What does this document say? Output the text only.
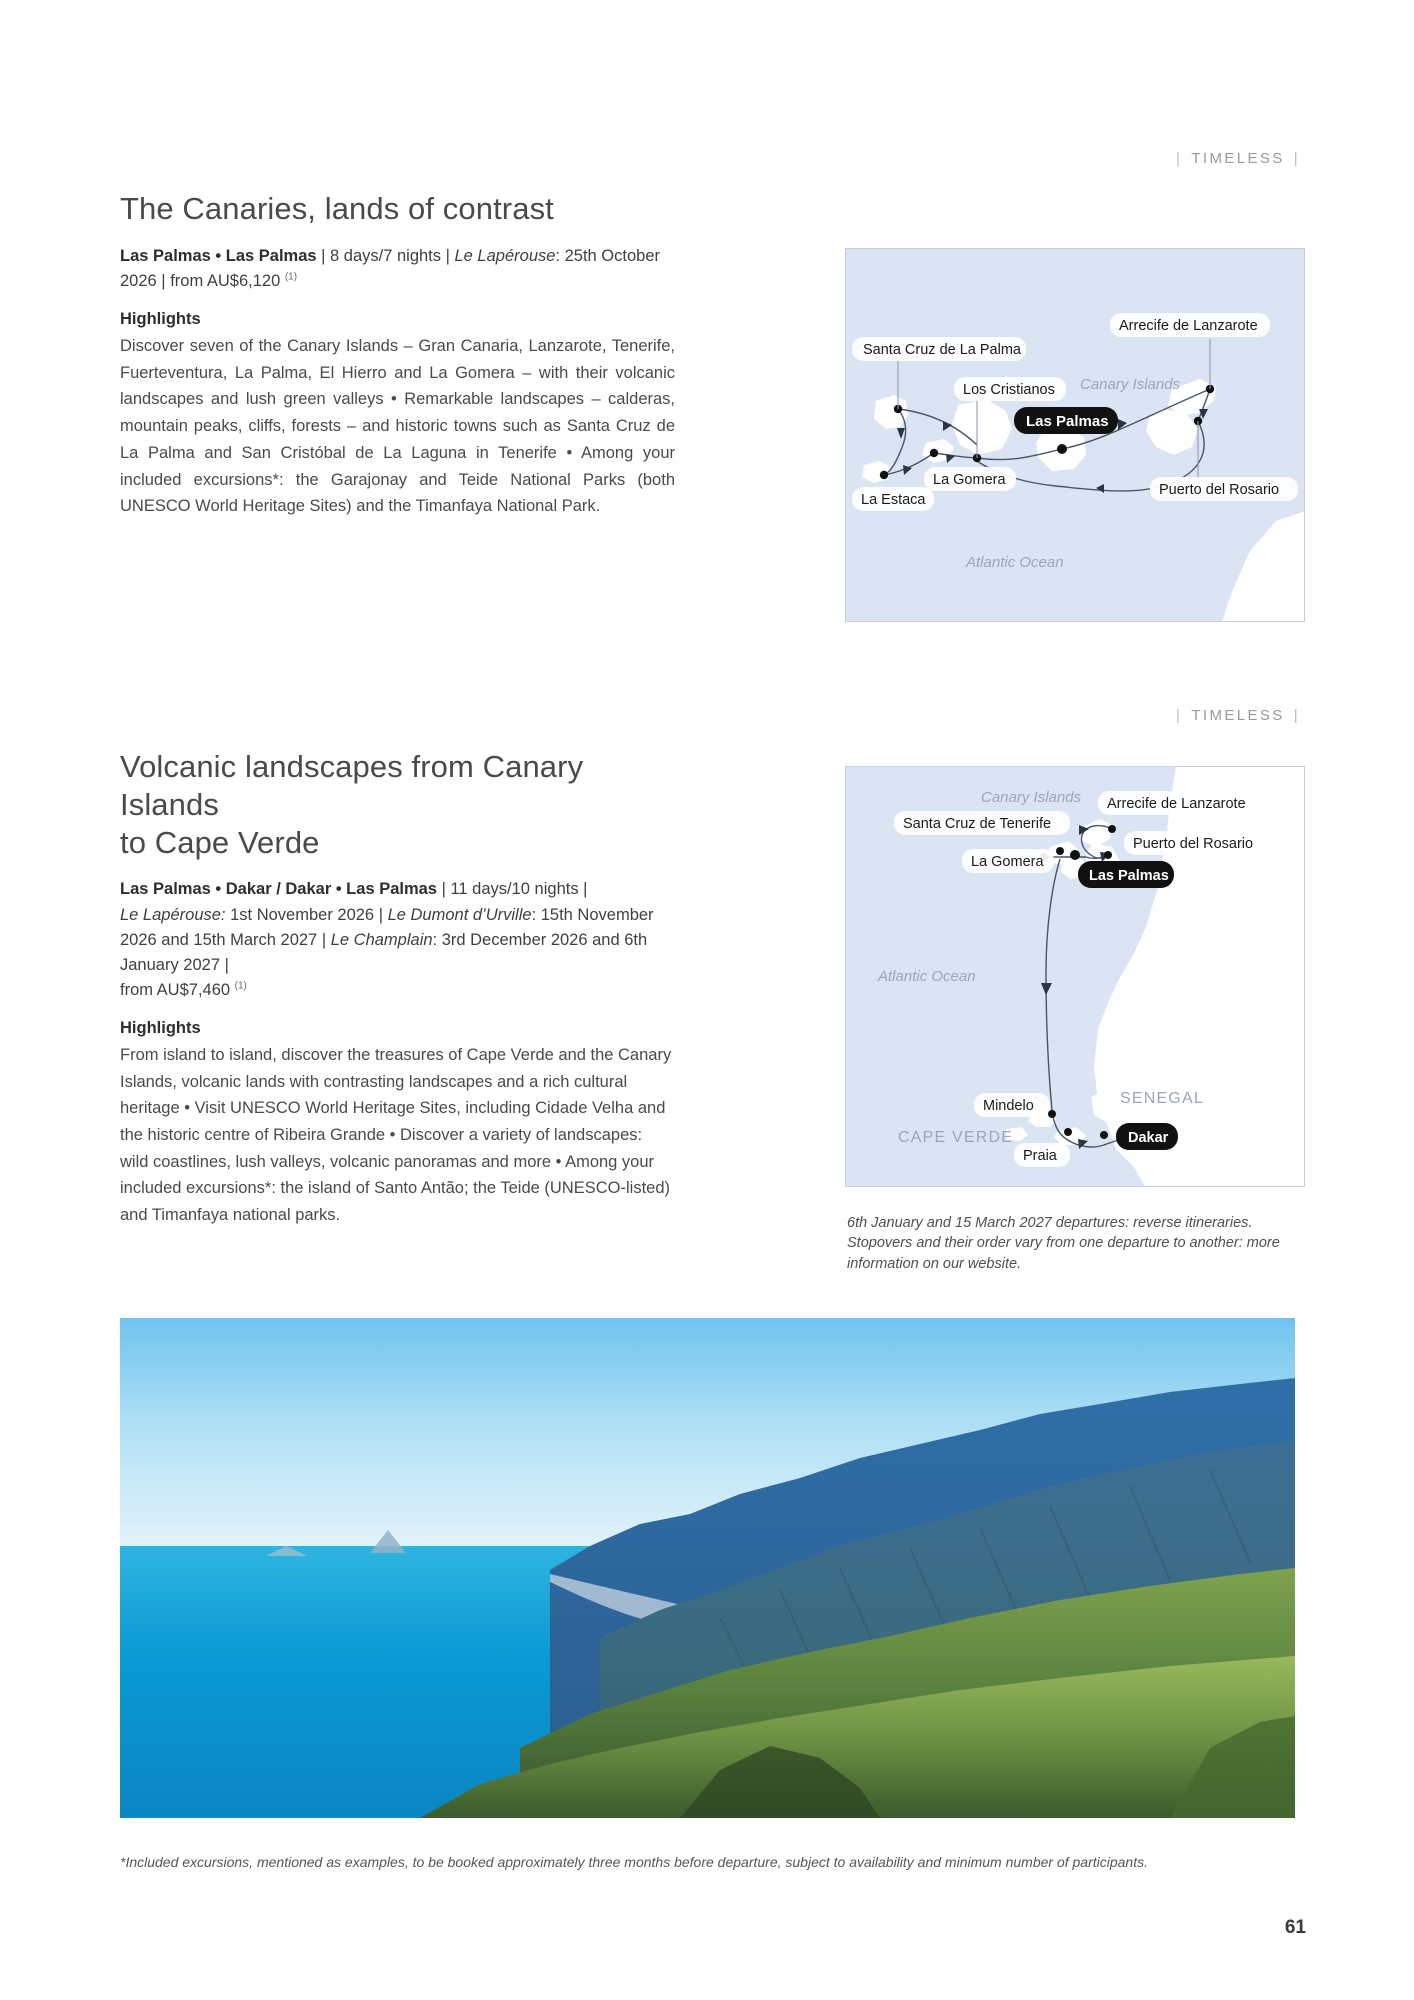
| TIMELESS |
The Canaries, lands of contrast

Las Palmas • Las Palmas | 8 days/7 nights | Le Lapérouse: 25th October 2026 | from AU$6,120 $^{(1)}$

Highlights

Discover seven of the Canary Islands – Gran Canaria, Lanzarote, Tenerife, Fuerteventura, La Palma, El Hierro and La Gomera – with their volcanic landscapes and lush green valleys • Remarkable landscapes – calderas, mountain peaks, cliffs, forests – and historic towns such as Santa Cruz de La Palma and San Cristóbal de La Laguna in Tenerife • Among your included excursions*: the Garajonay and Teide National Parks (both UNESCO World Heritage Sites) and the Timanfaya National Park.

Canary Islands
Atlantic Ocean
Santa Cruz de La Palma
Los Cristianos
Arrecife de Lanzarote
Puerto del Rosario
La Gomera
La Estaca
Las Palmas
| TIMELESS |
Volcanic landscapes from Canary Islands
to Cape Verde

Las Palmas • Dakar / Dakar • Las Palmas | 11 days/10 nights |
Le Lapérouse: 1st November 2026 | Le Dumont d’Urville: 15th November 2026 and 15th March 2027 | Le Champlain: 3rd December 2026 and 6th January 2027 |
from AU$7,460 $^{(1)}$

Highlights

From island to island, discover the treasures of Cape Verde and the Canary Islands, volcanic lands with contrasting landscapes and a rich cultural heritage • Visit UNESCO World Heritage Sites, including Cidade Velha and the historic centre of Ribeira Grande • Discover a variety of landscapes: wild coastlines, lush valleys, volcanic panoramas and more • Among your included excursions*: the island of Santo Antão; the Teide (UNESCO-listed) and Timanfaya national parks.

Canary Islands
Atlantic Ocean
SENEGAL
CAPE VERDE
Arrecife de Lanzarote
Santa Cruz de Tenerife
Puerto del Rosario
La Gomera
Las Palmas
Mindelo
Praia
Dakar

6th January and 15 March 2027 departures: reverse itineraries. Stopovers and their order vary from one departure to another: more information on our website.

*Included excursions, mentioned as examples, to be booked approximately three months before departure, subject to availability and minimum number of participants.

61
